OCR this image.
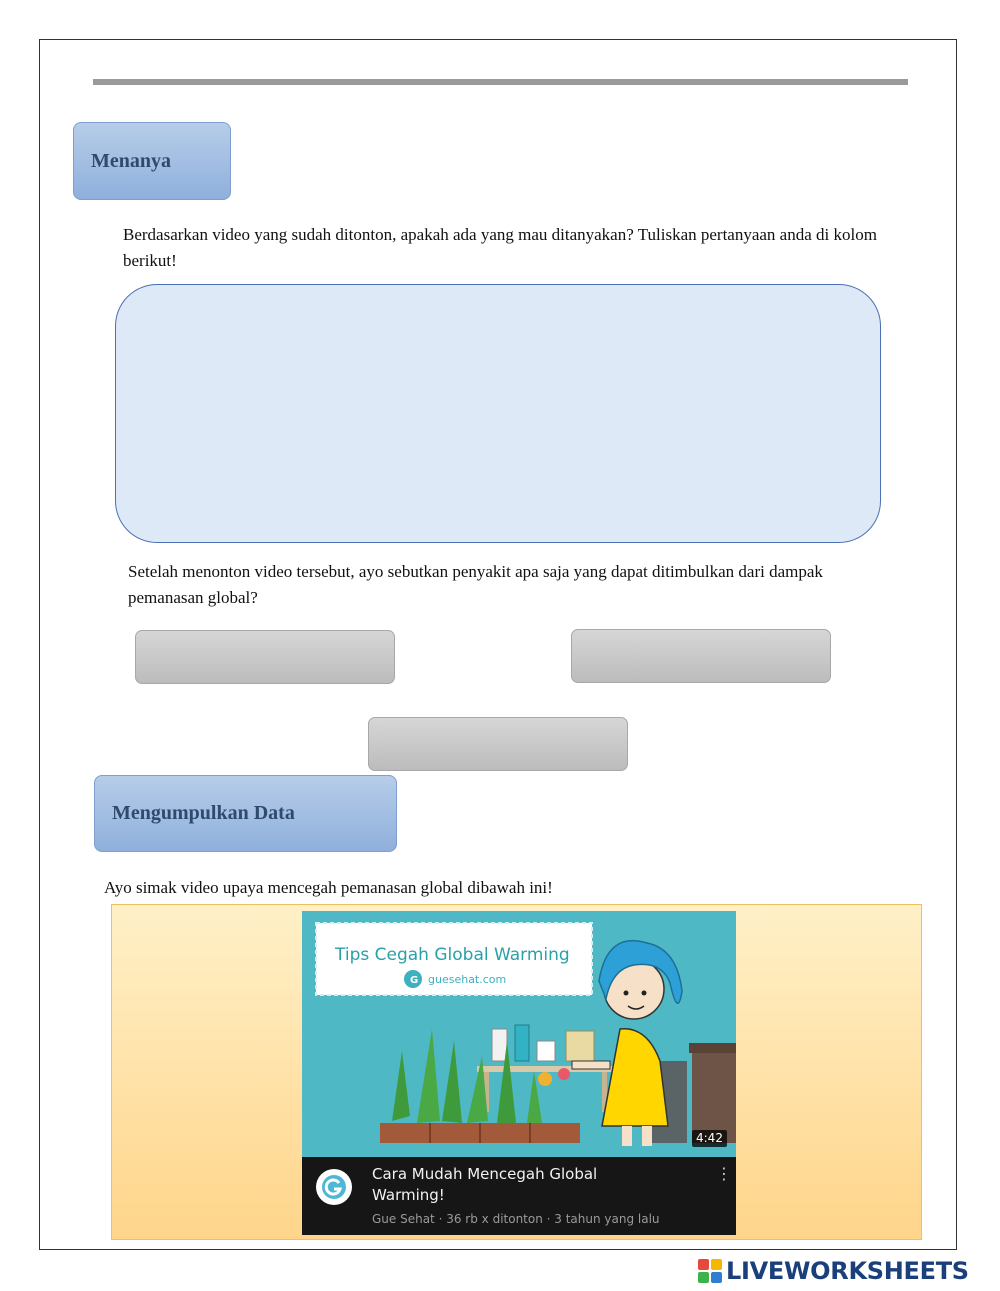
Menanya

Berdasarkan video yang sudah ditonton, apakah ada yang mau ditanyakan? Tuliskan pertanyaan anda di kolom berikut!

Setelah menonton video tersebut, ayo sebutkan penyakit apa saja yang dapat ditimbulkan dari dampak pemanasan global?

Mengumpulkan Data

Ayo simak video upaya mencegah pemanasan global dibawah ini!

Tips Cegah Global Warming
G guesehat.com
4:42

Cara Mudah Mencegah Global Warming!

Gue Sehat · 36 rb x ditonton · 3 tahun yang lalu
⋮
LIVEWORKSHEETS
